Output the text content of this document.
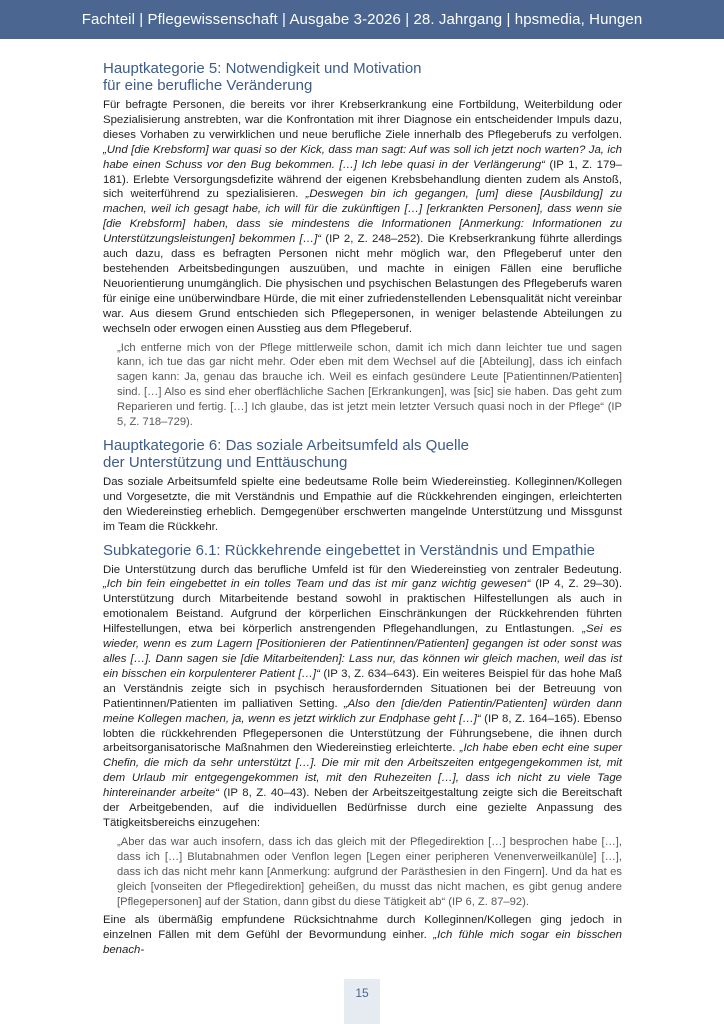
Fachteil | Pflegewissenschaft | Ausgabe 3-2026 | 28. Jahrgang | hpsmedia, Hungen
Hauptkategorie 5: Notwendigkeit und Motivation
für eine berufliche Veränderung

Für befragte Personen, die bereits vor ihrer Krebserkrankung eine Fortbildung, Weiterbildung oder Spezialisierung anstrebten, war die Konfrontation mit ihrer Diagnose ein entscheidender Impuls dazu, dieses Vorhaben zu verwirklichen und neue berufliche Ziele innerhalb des Pflegeberufs zu verfolgen. „Und [die Krebsform] war quasi so der Kick, dass man sagt: Auf was soll ich jetzt noch warten? Ja, ich habe einen Schuss vor den Bug bekommen. […] Ich lebe quasi in der Verlängerung“ (IP 1, Z. 179–181). Erlebte Versorgungsdefizite während der eigenen Krebsbehandlung dienten zudem als Anstoß, sich weiterführend zu spezialisieren. „Deswegen bin ich gegangen, [um] diese [Ausbildung] zu machen, weil ich gesagt habe, ich will für die zukünftigen […] [erkrankten Personen], dass wenn sie [die Krebsform] haben, dass sie mindestens die Informationen [Anmerkung: Informationen zu Unterstützungsleistungen] bekommen […]“ (IP 2, Z. 248–252). Die Krebserkrankung führte allerdings auch dazu, dass es befragten Personen nicht mehr möglich war, den Pflegeberuf unter den bestehenden Arbeitsbedingungen auszuüben, und machte in einigen Fällen eine berufliche Neuorientierung unumgänglich. Die physischen und psychischen Belastungen des Pflegeberufs waren für einige eine unüberwindbare Hürde, die mit einer zufriedenstellenden Lebensqualität nicht vereinbar war. Aus diesem Grund entschieden sich Pflegepersonen, in weniger belastende Abteilungen zu wechseln oder erwogen einen Ausstieg aus dem Pflegeberuf.

„Ich entferne mich von der Pflege mittlerweile schon, damit ich mich dann leichter tue und sagen kann, ich tue das gar nicht mehr. Oder eben mit dem Wechsel auf die [Abteilung], dass ich einfach sagen kann: Ja, genau das brauche ich. Weil es einfach gesündere Leute [Patientinnen/Patienten] sind. […] Also es sind eher oberflächliche Sachen [Erkrankungen], was [sic] sie haben. Das geht zum Reparieren und fertig. […] Ich glaube, das ist jetzt mein letzter Versuch quasi noch in der Pflege“ (IP 5, Z. 718–729).
Hauptkategorie 6: Das soziale Arbeitsumfeld als Quelle
der Unterstützung und Enttäuschung

Das soziale Arbeitsumfeld spielte eine bedeutsame Rolle beim Wiedereinstieg. Kolleginnen/Kollegen und Vorgesetzte, die mit Verständnis und Empathie auf die Rückkehrenden eingingen, erleichterten den Wiedereinstieg erheblich. Demgegenüber erschwerten mangelnde Unterstützung und Missgunst im Team die Rückkehr.

Subkategorie 6.1: Rückkehrende eingebettet in Verständnis und Empathie

Die Unterstützung durch das berufliche Umfeld ist für den Wiedereinstieg von zentraler Bedeutung. „Ich bin fein eingebettet in ein tolles Team und das ist mir ganz wichtig gewesen“ (IP 4, Z. 29–30). Unterstützung durch Mitarbeitende bestand sowohl in praktischen Hilfestellungen als auch in emotionalem Beistand. Aufgrund der körperlichen Einschränkungen der Rückkehrenden führten Hilfestellungen, etwa bei körperlich anstrengenden Pflegehandlungen, zu Entlastungen. „Sei es wieder, wenn es zum Lagern [Positionieren der Patientinnen/Patienten] gegangen ist oder sonst was alles […]. Dann sagen sie [die Mitarbeitenden]: Lass nur, das können wir gleich machen, weil das ist ein bisschen ein korpulenterer Patient […]“ (IP 3, Z. 634–643). Ein weiteres Beispiel für das hohe Maß an Verständnis zeigte sich in psychisch herausfordernden Situationen bei der Betreuung von Patientinnen/Patienten im palliativen Setting. „Also den [die/den Patientin/Patienten] würden dann meine Kollegen machen, ja, wenn es jetzt wirklich zur Endphase geht […]“ (IP 8, Z. 164–165). Ebenso lobten die rückkehrenden Pflegepersonen die Unterstützung der Führungsebene, die ihnen durch arbeitsorganisatorische Maßnahmen den Wiedereinstieg erleichterte. „Ich habe eben echt eine super Chefin, die mich da sehr unterstützt […]. Die mir mit den Arbeitszeiten entgegengekommen ist, mit dem Urlaub mir entgegengekommen ist, mit den Ruhezeiten […], dass ich nicht zu viele Tage hintereinander arbeite“ (IP 8, Z. 40–43). Neben der Arbeitszeitgestaltung zeigte sich die Bereitschaft der Arbeitgebenden, auf die individuellen Bedürfnisse durch eine gezielte Anpassung des Tätigkeitsbereichs einzugehen:

„Aber das war auch insofern, dass ich das gleich mit der Pflegedirektion […] besprochen habe […], dass ich […] Blutabnahmen oder Venflon legen [Legen einer peripheren Venenverweilkanüle] […], dass ich das nicht mehr kann [Anmerkung: aufgrund der Parästhesien in den Fingern]. Und da hat es gleich [vonseiten der Pflegedirektion] geheißen, du musst das nicht machen, es gibt genug andere [Pflegepersonen] auf der Station, dann gibst du diese Tätigkeit ab“ (IP 6, Z. 87–92).

Eine als übermäßig empfundene Rücksichtnahme durch Kolleginnen/Kollegen ging jedoch in einzelnen Fällen mit dem Gefühl der Bevormundung einher. „Ich fühle mich sogar ein bisschen benach-

15
